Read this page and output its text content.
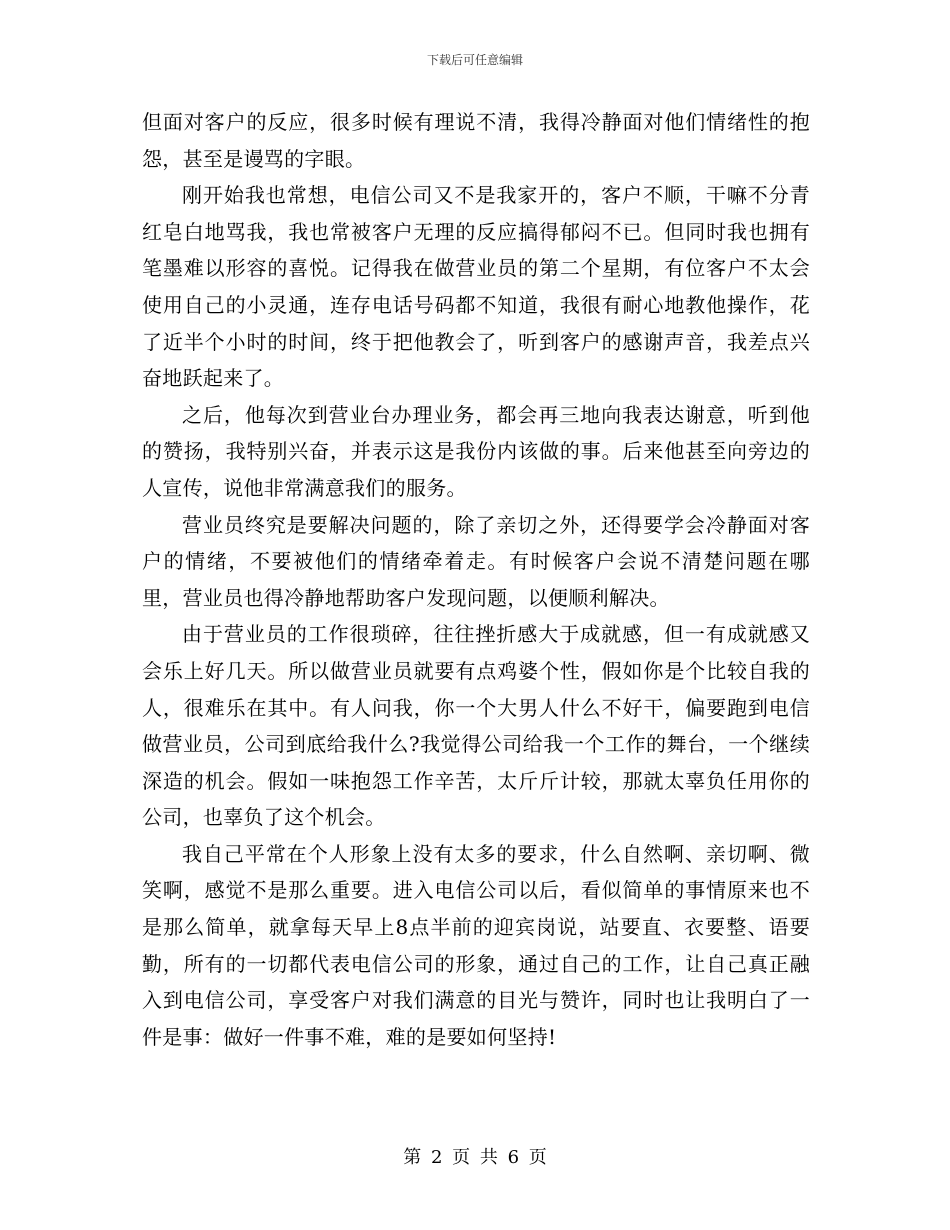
下载后可任意编辑

但面对客户的反应，很多时候有理说不清，我得冷静面对他们情绪性的抱怨，甚至是谩骂的字眼。

刚开始我也常想，电信公司又不是我家开的，客户不顺，干嘛不分青红皂白地骂我，我也常被客户无理的反应搞得郁闷不已。但同时我也拥有笔墨难以形容的喜悦。记得我在做营业员的第二个星期，有位客户不太会使用自己的小灵通，连存电话号码都不知道，我很有耐心地教他操作，花了近半个小时的时间，终于把他教会了，听到客户的感谢声音，我差点兴奋地跃起来了。

之后，他每次到营业台办理业务，都会再三地向我表达谢意，听到他的赞扬，我特别兴奋，并表示这是我份内该做的事。后来他甚至向旁边的人宣传，说他非常满意我们的服务。

营业员终究是要解决问题的，除了亲切之外，还得要学会冷静面对客户的情绪，不要被他们的情绪牵着走。有时候客户会说不清楚问题在哪里，营业员也得冷静地帮助客户发现问题，以便顺利解决。

由于营业员的工作很琐碎，往往挫折感大于成就感，但一有成就感又会乐上好几天。所以做营业员就要有点鸡婆个性，假如你是个比较自我的人，很难乐在其中。有人问我，你一个大男人什么不好干，偏要跑到电信做营业员，公司到底给我什么?我觉得公司给我一个工作的舞台，一个继续深造的机会。假如一味抱怨工作辛苦，太斤斤计较，那就太辜负任用你的公司，也辜负了这个机会。

我自己平常在个人形象上没有太多的要求，什么自然啊、亲切啊、微笑啊，感觉不是那么重要。进入电信公司以后，看似简单的事情原来也不是那么简单，就拿每天早上8点半前的迎宾岗说，站要直、衣要整、语要勤，所有的一切都代表电信公司的形象，通过自己的工作，让自己真正融入到电信公司，享受客户对我们满意的目光与赞许，同时也让我明白了一件是事：做好一件事不难，难的是要如何坚持!

第 2 页 共 6 页
